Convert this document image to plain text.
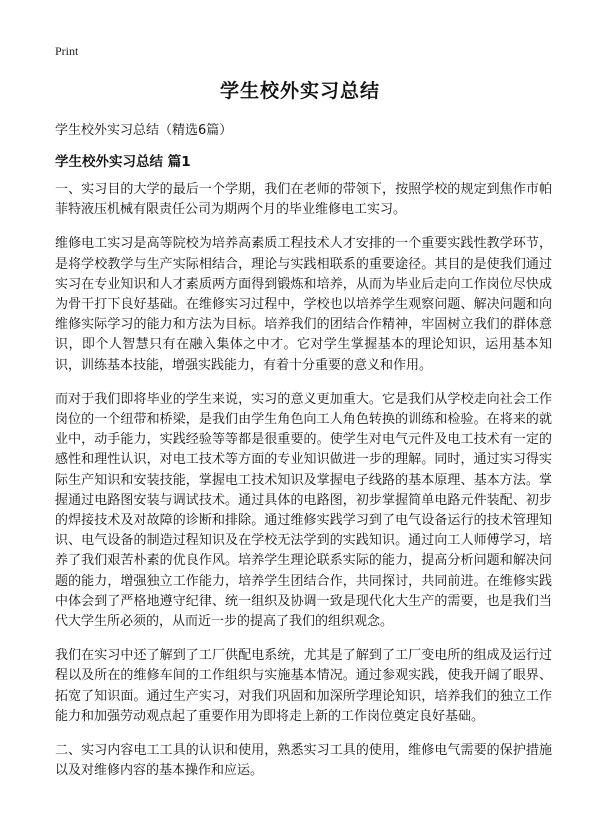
Print
学生校外实习总结

学生校外实习总结（精选6篇）

学生校外实习总结 篇1

一、实习目的大学的最后一个学期，我们在老师的带领下，按照学校的规定到焦作市帕菲特液压机械有限责任公司为期两个月的毕业维修电工实习。

维修电工实习是高等院校为培养高素质工程技术人才安排的一个重要实践性教学环节，是将学校教学与生产实际相结合，理论与实践相联系的重要途径。其目的是使我们通过实习在专业知识和人才素质两方面得到锻炼和培养，从而为毕业后走向工作岗位尽快成为骨干打下良好基础。在维修实习过程中，学校也以培养学生观察问题、解决问题和向维修实际学习的能力和方法为目标。培养我们的团结合作精神，牢固树立我们的群体意识，即个人智慧只有在融入集体之中才。它对学生掌握基本的理论知识，运用基本知识，训练基本技能，增强实践能力，有着十分重要的意义和作用。

而对于我们即将毕业的学生来说，实习的意义更加重大。它是我们从学校走向社会工作岗位的一个纽带和桥梁，是我们由学生角色向工人角色转换的训练和检验。在将来的就业中，动手能力，实践经验等等都是很重要的。使学生对电气元件及电工技术有一定的感性和理性认识，对电工技术等方面的专业知识做进一步的理解。同时，通过实习得实际生产知识和安装技能，掌握电工技术知识及掌握电子线路的基本原理、基本方法。掌握通过电路图安装与调试技术。通过具体的电路图，初步掌握简单电路元件装配、初步的焊接技术及对故障的诊断和排除。通过维修实践学习到了电气设备运行的技术管理知识、电气设备的制造过程知识及在学校无法学到的实践知识。通过向工人师傅学习，培养了我们艰苦朴素的优良作风。培养学生理论联系实际的能力，提高分析问题和解决问题的能力，增强独立工作能力，培养学生团结合作，共同探讨，共同前进。在维修实践中体会到了严格地遵守纪律、统一组织及协调一致是现代化大生产的需要，也是我们当代大学生所必须的，从而近一步的提高了我们的组织观念。

我们在实习中还了解到了工厂供配电系统，尤其是了解到了工厂变电所的组成及运行过程以及所在的维修车间的工作组织与实施基本情况。通过参观实践，使我开阔了眼界、拓宽了知识面。通过生产实习，对我们巩固和加深所学理论知识，培养我们的独立工作能力和加强劳动观点起了重要作用为即将走上新的工作岗位奠定良好基础。

二、实习内容电工工具的认识和使用，熟悉实习工具的使用，维修电气需要的保护措施以及对维修内容的基本操作和应运。
